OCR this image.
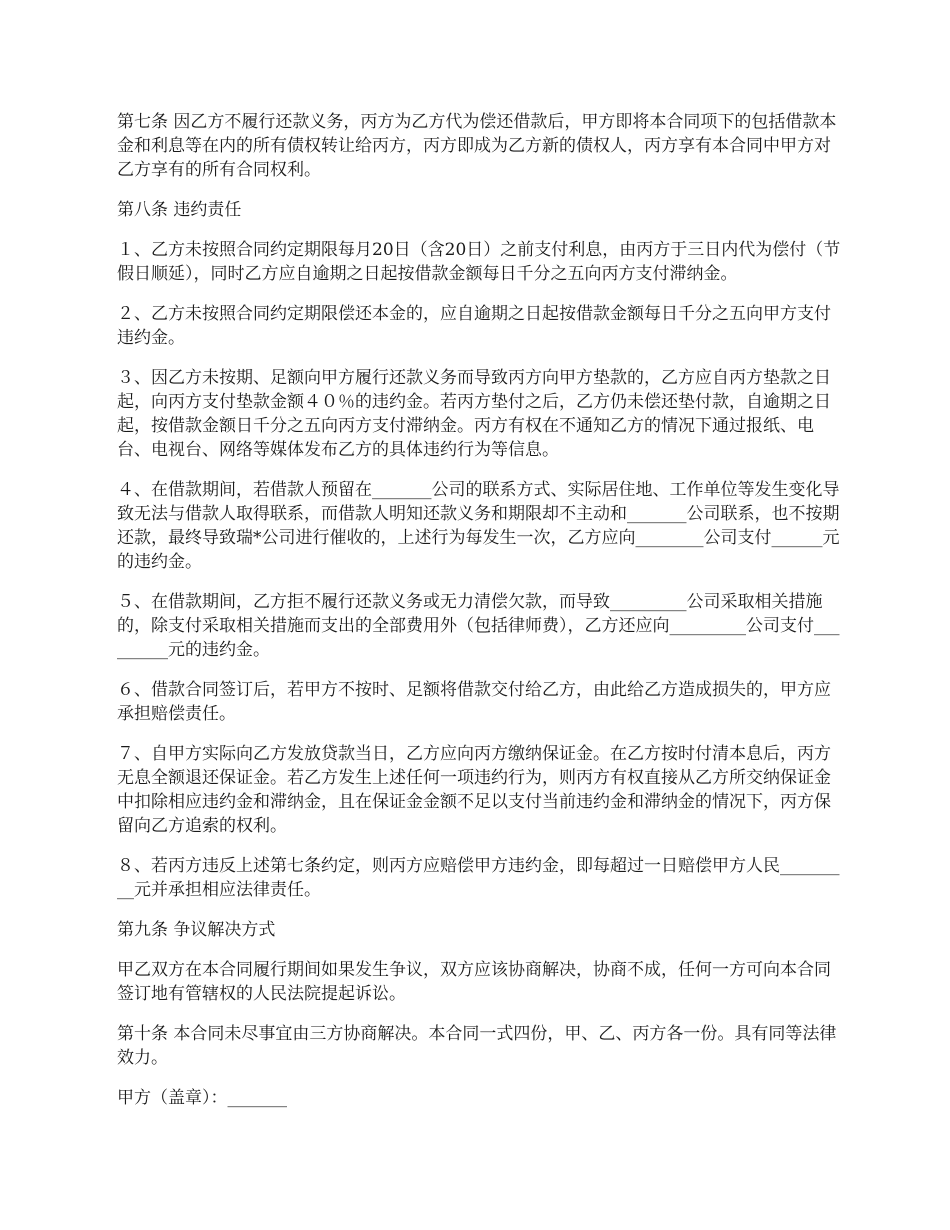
第七条 因乙方不履行还款义务，丙方为乙方代为偿还借款后，甲方即将本合同项下的包括借款本金和利息等在内的所有债权转让给丙方，丙方即成为乙方新的债权人，丙方享有本合同中甲方对乙方享有的所有合同权利。

第八条 违约责任

１、乙方未按照合同约定期限每月20日（含20日）之前支付利息，由丙方于三日内代为偿付（节假日顺延），同时乙方应自逾期之日起按借款金额每日千分之五向丙方支付滞纳金。

２、乙方未按照合同约定期限偿还本金的，应自逾期之日起按借款金额每日千分之五向甲方支付违约金。

３、因乙方未按期、足额向甲方履行还款义务而导致丙方向甲方垫款的，乙方应自丙方垫款之日起，向丙方支付垫款金额４０％的违约金。若丙方垫付之后，乙方仍未偿还垫付款，自逾期之日起，按借款金额日千分之五向丙方支付滞纳金。丙方有权在不通知乙方的情况下通过报纸、电台、电视台、网络等媒体发布乙方的具体违约行为等信息。

４、在借款期间，若借款人预留在_______公司的联系方式、实际居住地、工作单位等发生变化导致无法与借款人取得联系，而借款人明知还款义务和期限却不主动和_______公司联系，也不按期还款，最终导致瑞*公司进行催收的，上述行为每发生一次，乙方应向________公司支付______元的违约金。

５、在借款期间，乙方拒不履行还款义务或无力清偿欠款，而导致_________公司采取相关措施的，除支付采取相关措施而支出的全部费用外（包括律师费），乙方还应向_________公司支付_________元的违约金。

６、借款合同签订后，若甲方不按时、足额将借款交付给乙方，由此给乙方造成损失的，甲方应承担赔偿责任。

７、自甲方实际向乙方发放贷款当日，乙方应向丙方缴纳保证金。在乙方按时付清本息后，丙方无息全额退还保证金。若乙方发生上述任何一项违约行为，则丙方有权直接从乙方所交纳保证金中扣除相应违约金和滞纳金，且在保证金金额不足以支付当前违约金和滞纳金的情况下，丙方保留向乙方追索的权利。

８、若丙方违反上述第七条约定，则丙方应赔偿甲方违约金，即每超过一日赔偿甲方人民_________元并承担相应法律责任。

第九条 争议解决方式

甲乙双方在本合同履行期间如果发生争议，双方应该协商解决，协商不成，任何一方可向本合同签订地有管辖权的人民法院提起诉讼。

第十条 本合同未尽事宜由三方协商解决。本合同一式四份，甲、乙、丙方各一份。具有同等法律效力。

甲方（盖章）：_______
